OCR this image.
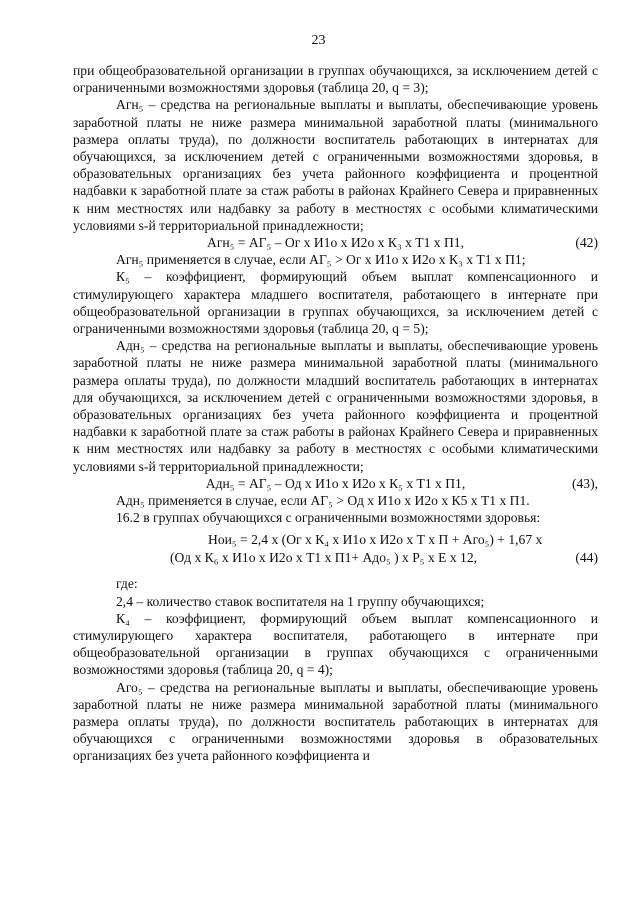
23

при общеобразовательной организации в группах обучающихся, за исключением детей с ограниченными возможностями здоровья (таблица 20, q = 3);

Агн₅ – средства на региональные выплаты и выплаты, обеспечивающие уровень заработной платы не ниже размера минимальной заработной платы (минимального размера оплаты труда), по должности воспитатель работающих в интернатах для обучающихся, за исключением детей с ограниченными возможностями здоровья, в образовательных организациях без учета районного коэффициента и процентной надбавки к заработной плате за стаж работы в районах Крайнего Севера и приравненных к ним местностях или надбавку за работу в местностях с особыми климатическими условиями s-й территориальной принадлежности;

Агн₅ = АГ₅ – Ог x И1о x И2о x К₃ x Т1 x П1,	(42)

Агн₅ применяется в случае, если АГ₅ > Ог x И1о x И2о x К₃ x Т1 x П1;

К₅ – коэффициент, формирующий объем выплат компенсационного и стимулирующего характера младшего воспитателя, работающего в интернате при общеобразовательной организации в группах обучающихся, за исключением детей с ограниченными возможностями здоровья (таблица 20, q = 5);

Адн₅ – средства на региональные выплаты и выплаты, обеспечивающие уровень заработной платы не ниже размера минимальной заработной платы (минимального размера оплаты труда), по должности младший воспитатель работающих в интернатах для обучающихся, за исключением детей с ограниченными возможностями здоровья, в образовательных организациях без учета районного коэффициента и процентной надбавки к заработной плате за стаж работы в районах Крайнего Севера и приравненных к ним местностях или надбавку за работу в местностях с особыми климатическими условиями s-й территориальной принадлежности;

Адн₅ = АГ₅ – Од x И1о x И2о x К₅ x Т1 x П1,	(43),

Адн₅ применяется в случае, если АГ₅ > Од x И1о x И2о x К5 x Т1 x П1.

16.2 в группах обучающихся с ограниченными возможностями здоровья:

Нои₅ = 2,4 x (Ог x К₄ x И1о x И2о x Т x П + Аго₅) + 1,67 x
(Од x К₆ x И1о x И2о x Т1 x П1+ Адо₅ ) x Р₅ x Е x 12,	(44)

где:

2,4 – количество ставок воспитателя на 1 группу обучающихся;

К₄ – коэффициент, формирующий объем выплат компенсационного и стимулирующего характера воспитателя, работающего в интернате при общеобразовательной организации в группах обучающихся с ограниченными возможностями здоровья (таблица 20, q = 4);

Аго₅ – средства на региональные выплаты и выплаты, обеспечивающие уровень заработной платы не ниже размера минимальной заработной платы (минимального размера оплаты труда), по должности воспитатель работающих в интернатах для обучающихся с ограниченными возможностями здоровья в образовательных организациях без учета районного коэффициента и
